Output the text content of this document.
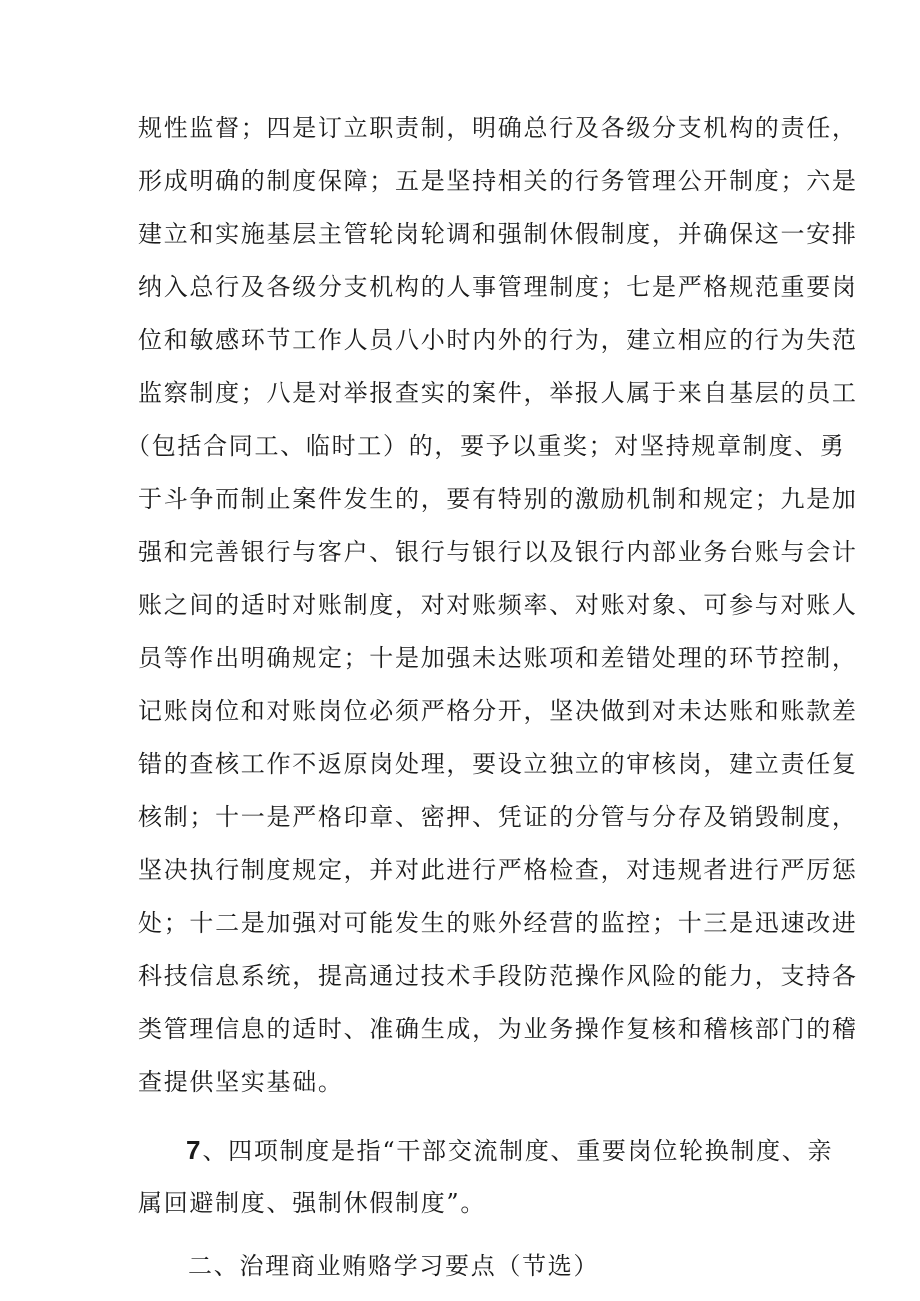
规性监督；四是订立职责制，明确总行及各级分支机构的责任，
形成明确的制度保障；五是坚持相关的行务管理公开制度；六是
建立和实施基层主管轮岗轮调和强制休假制度，并确保这一安排
纳入总行及各级分支机构的人事管理制度；七是严格规范重要岗
位和敏感环节工作人员八小时内外的行为，建立相应的行为失范
监察制度；八是对举报查实的案件，举报人属于来自基层的员工
（包括合同工、临时工）的，要予以重奖；对坚持规章制度、勇
于斗争而制止案件发生的，要有特别的激励机制和规定；九是加
强和完善银行与客户、银行与银行以及银行内部业务台账与会计
账之间的适时对账制度，对对账频率、对账对象、可参与对账人
员等作出明确规定；十是加强未达账项和差错处理的环节控制，
记账岗位和对账岗位必须严格分开，坚决做到对未达账和账款差
错的查核工作不返原岗处理，要设立独立的审核岗，建立责任复
核制；十一是严格印章、密押、凭证的分管与分存及销毁制度，
坚决执行制度规定，并对此进行严格检查，对违规者进行严厉惩
处；十二是加强对可能发生的账外经营的监控；十三是迅速改进
科技信息系统，提高通过技术手段防范操作风险的能力，支持各
类管理信息的适时、准确生成，为业务操作复核和稽核部门的稽
查提供坚实基础。
7、四项制度是指“干部交流制度、重要岗位轮换制度、亲
属回避制度、强制休假制度”。
二、治理商业贿赂学习要点（节选）
